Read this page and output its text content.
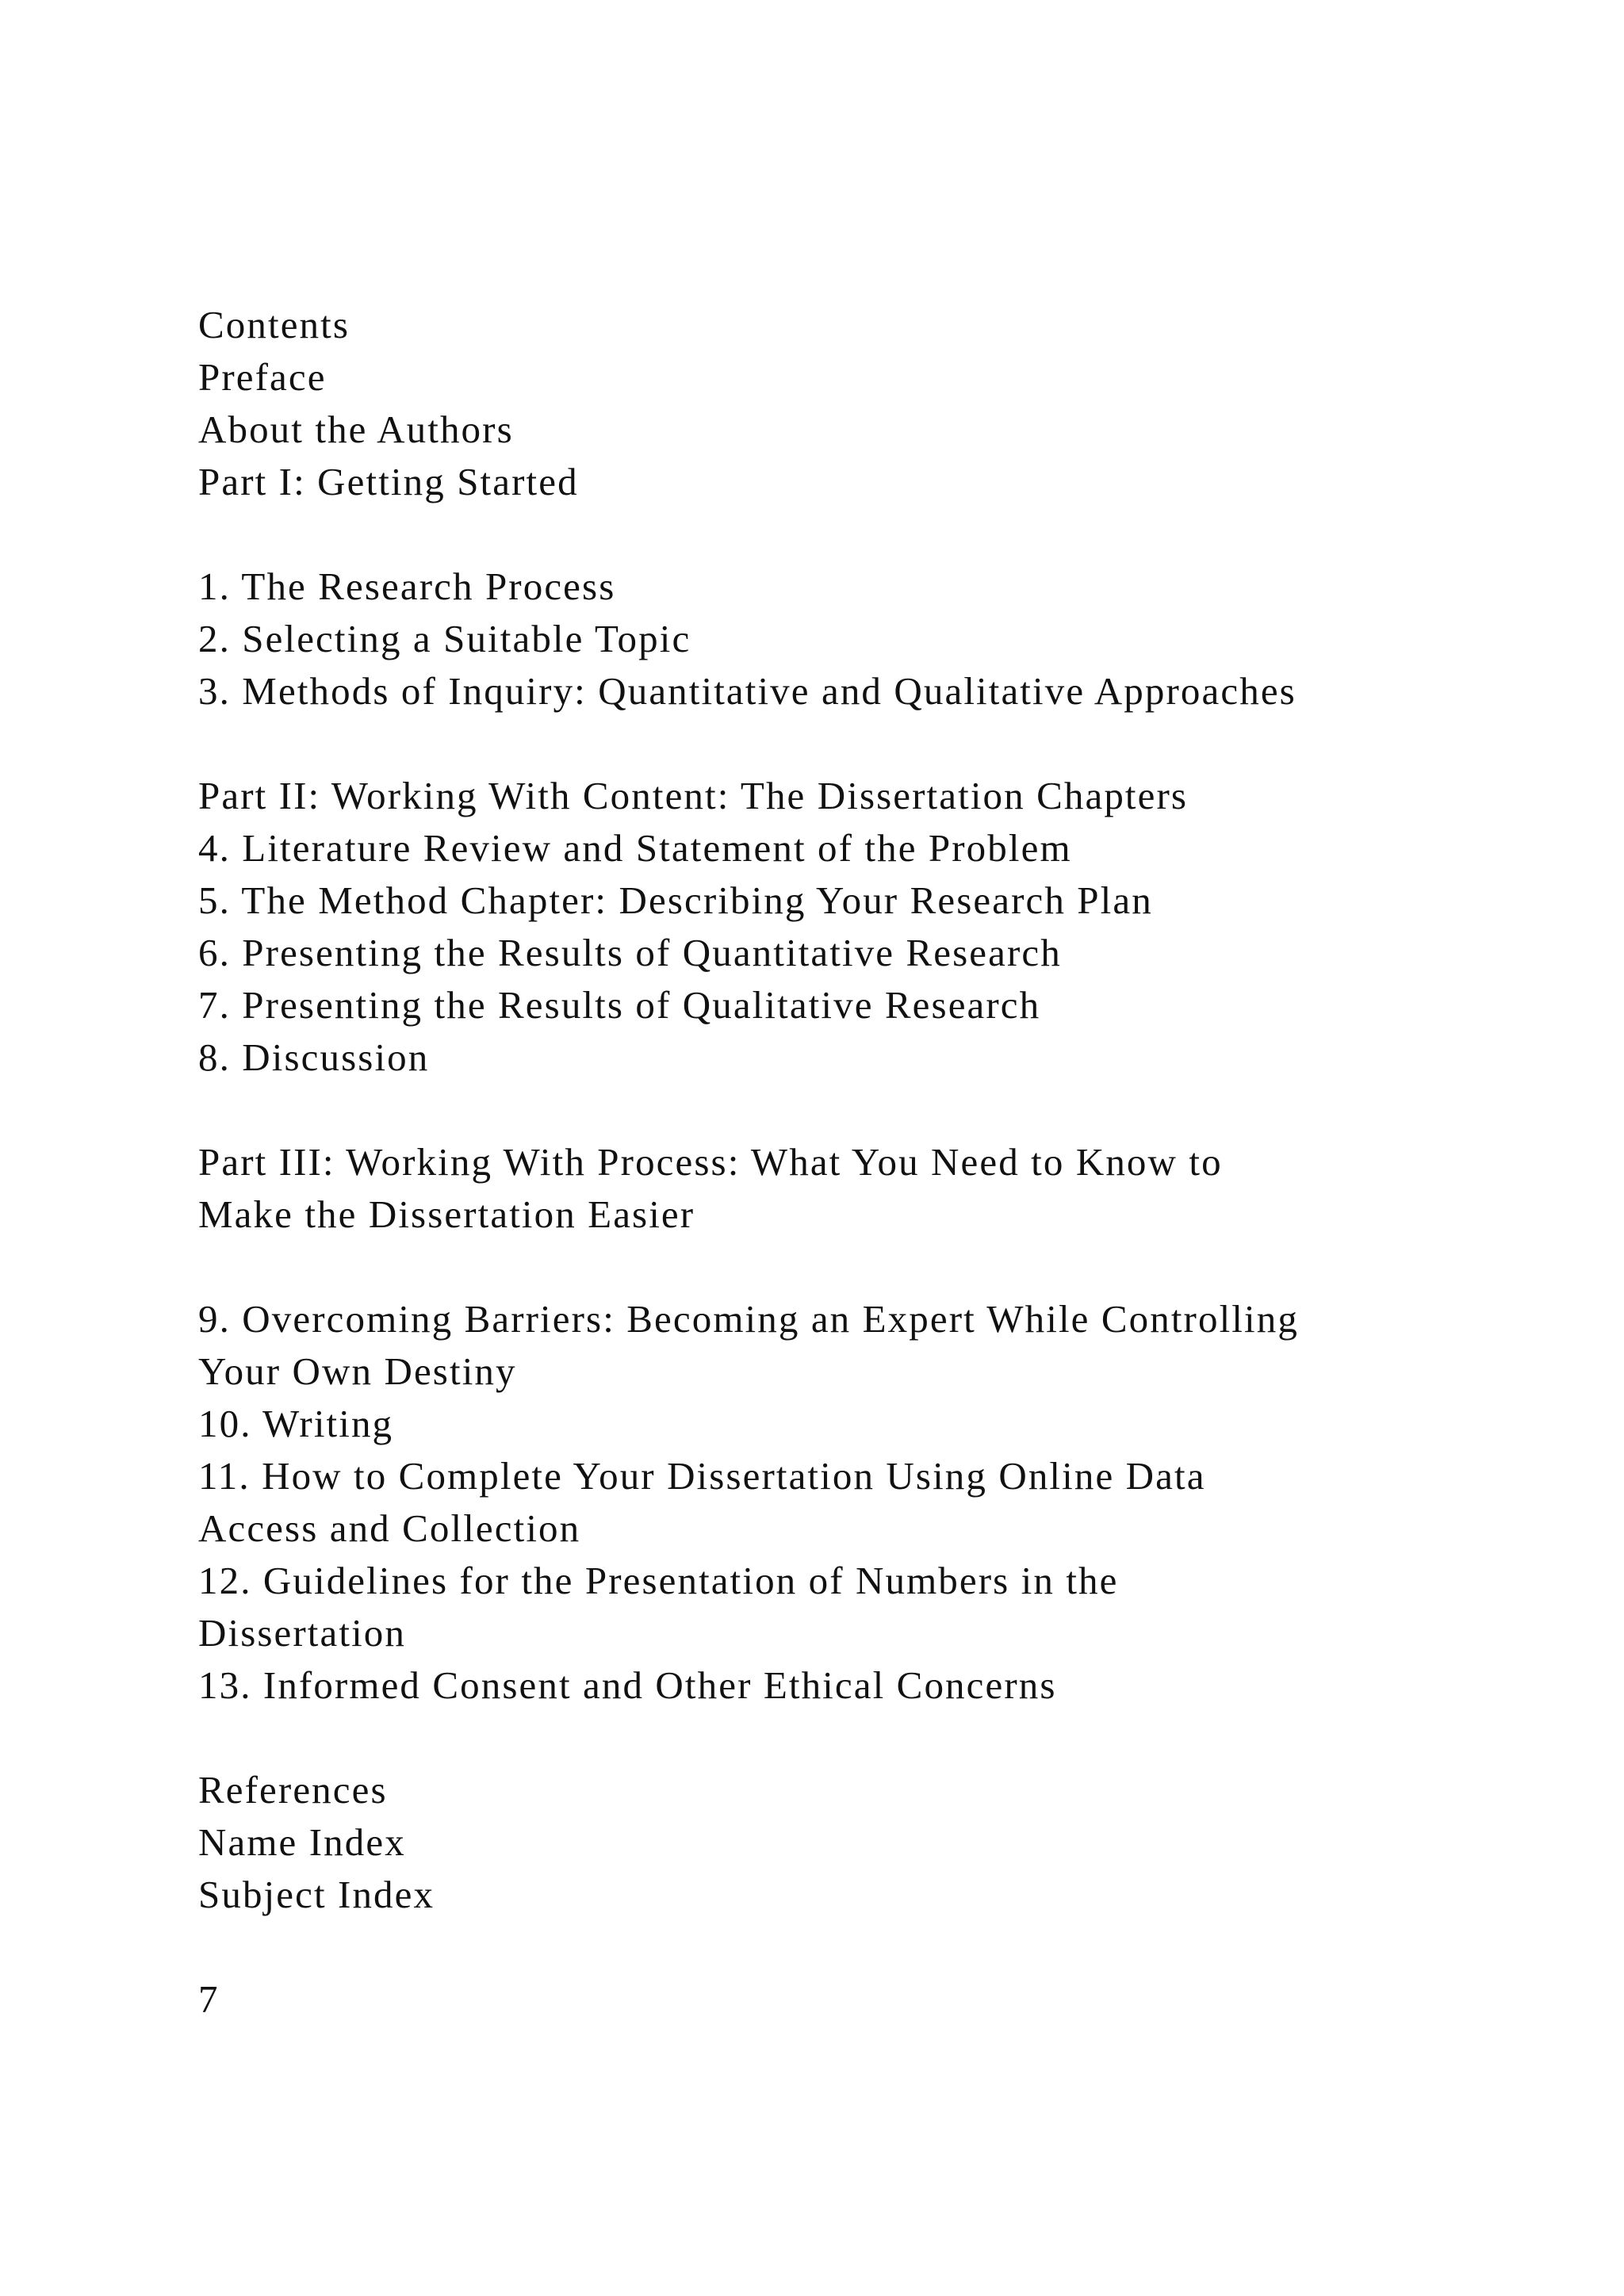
Contents
Preface
About the Authors
Part I: Getting Started
1. The Research Process
2. Selecting a Suitable Topic
3. Methods of Inquiry: Quantitative and Qualitative Approaches
Part II: Working With Content: The Dissertation Chapters
4. Literature Review and Statement of the Problem
5. The Method Chapter: Describing Your Research Plan
6. Presenting the Results of Quantitative Research
7. Presenting the Results of Qualitative Research
8. Discussion
Part III: Working With Process: What You Need to Know to
Make the Dissertation Easier
9. Overcoming Barriers: Becoming an Expert While Controlling
Your Own Destiny
10. Writing
11. How to Complete Your Dissertation Using Online Data
Access and Collection
12. Guidelines for the Presentation of Numbers in the
Dissertation
13. Informed Consent and Other Ethical Concerns
References
Name Index
Subject Index
7
